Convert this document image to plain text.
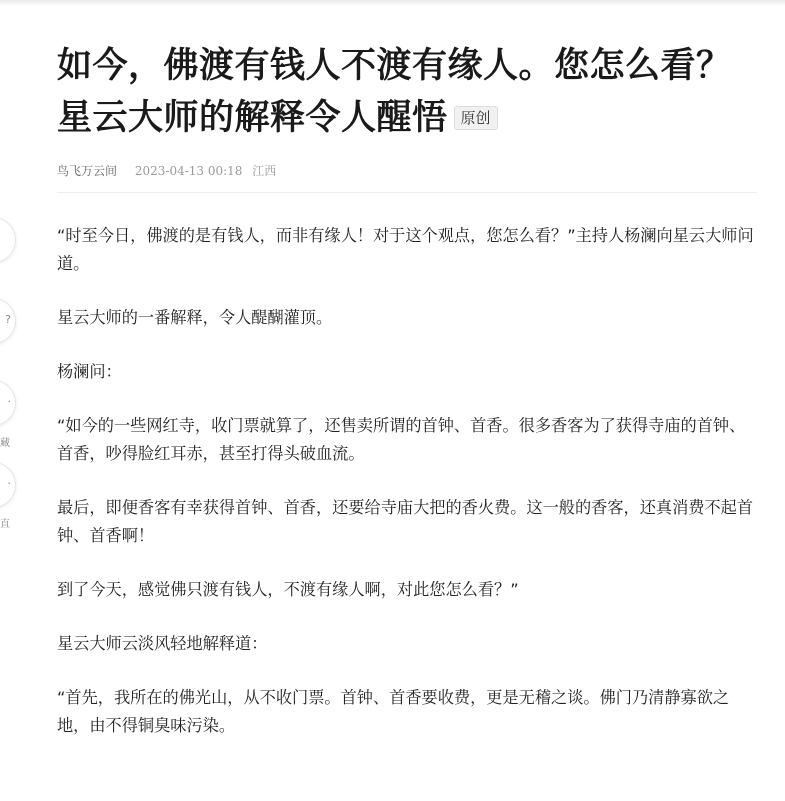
?
·
藏
·
直
如今，佛渡有钱人不渡有缘人。您怎么看？星云大师的解释令人醒悟 原创
鸟飞万云间 2023-04-13 00:18 江西

“时至今日，佛渡的是有钱人，而非有缘人！对于这个观点，您怎么看？”主持人杨澜向星云大师问道。

星云大师的一番解释，令人醍醐灌顶。

杨澜问：

“如今的一些网红寺，收门票就算了，还售卖所谓的首钟、首香。很多香客为了获得寺庙的首钟、首香，吵得脸红耳赤，甚至打得头破血流。

最后，即便香客有幸获得首钟、首香，还要给寺庙大把的香火费。这一般的香客，还真消费不起首钟、首香啊！

到了今天，感觉佛只渡有钱人，不渡有缘人啊，对此您怎么看？”

星云大师云淡风轻地解释道：

“首先，我所在的佛光山，从不收门票。首钟、首香要收费，更是无稽之谈。佛门乃清静寡欲之地，由不得铜臭味污染。
